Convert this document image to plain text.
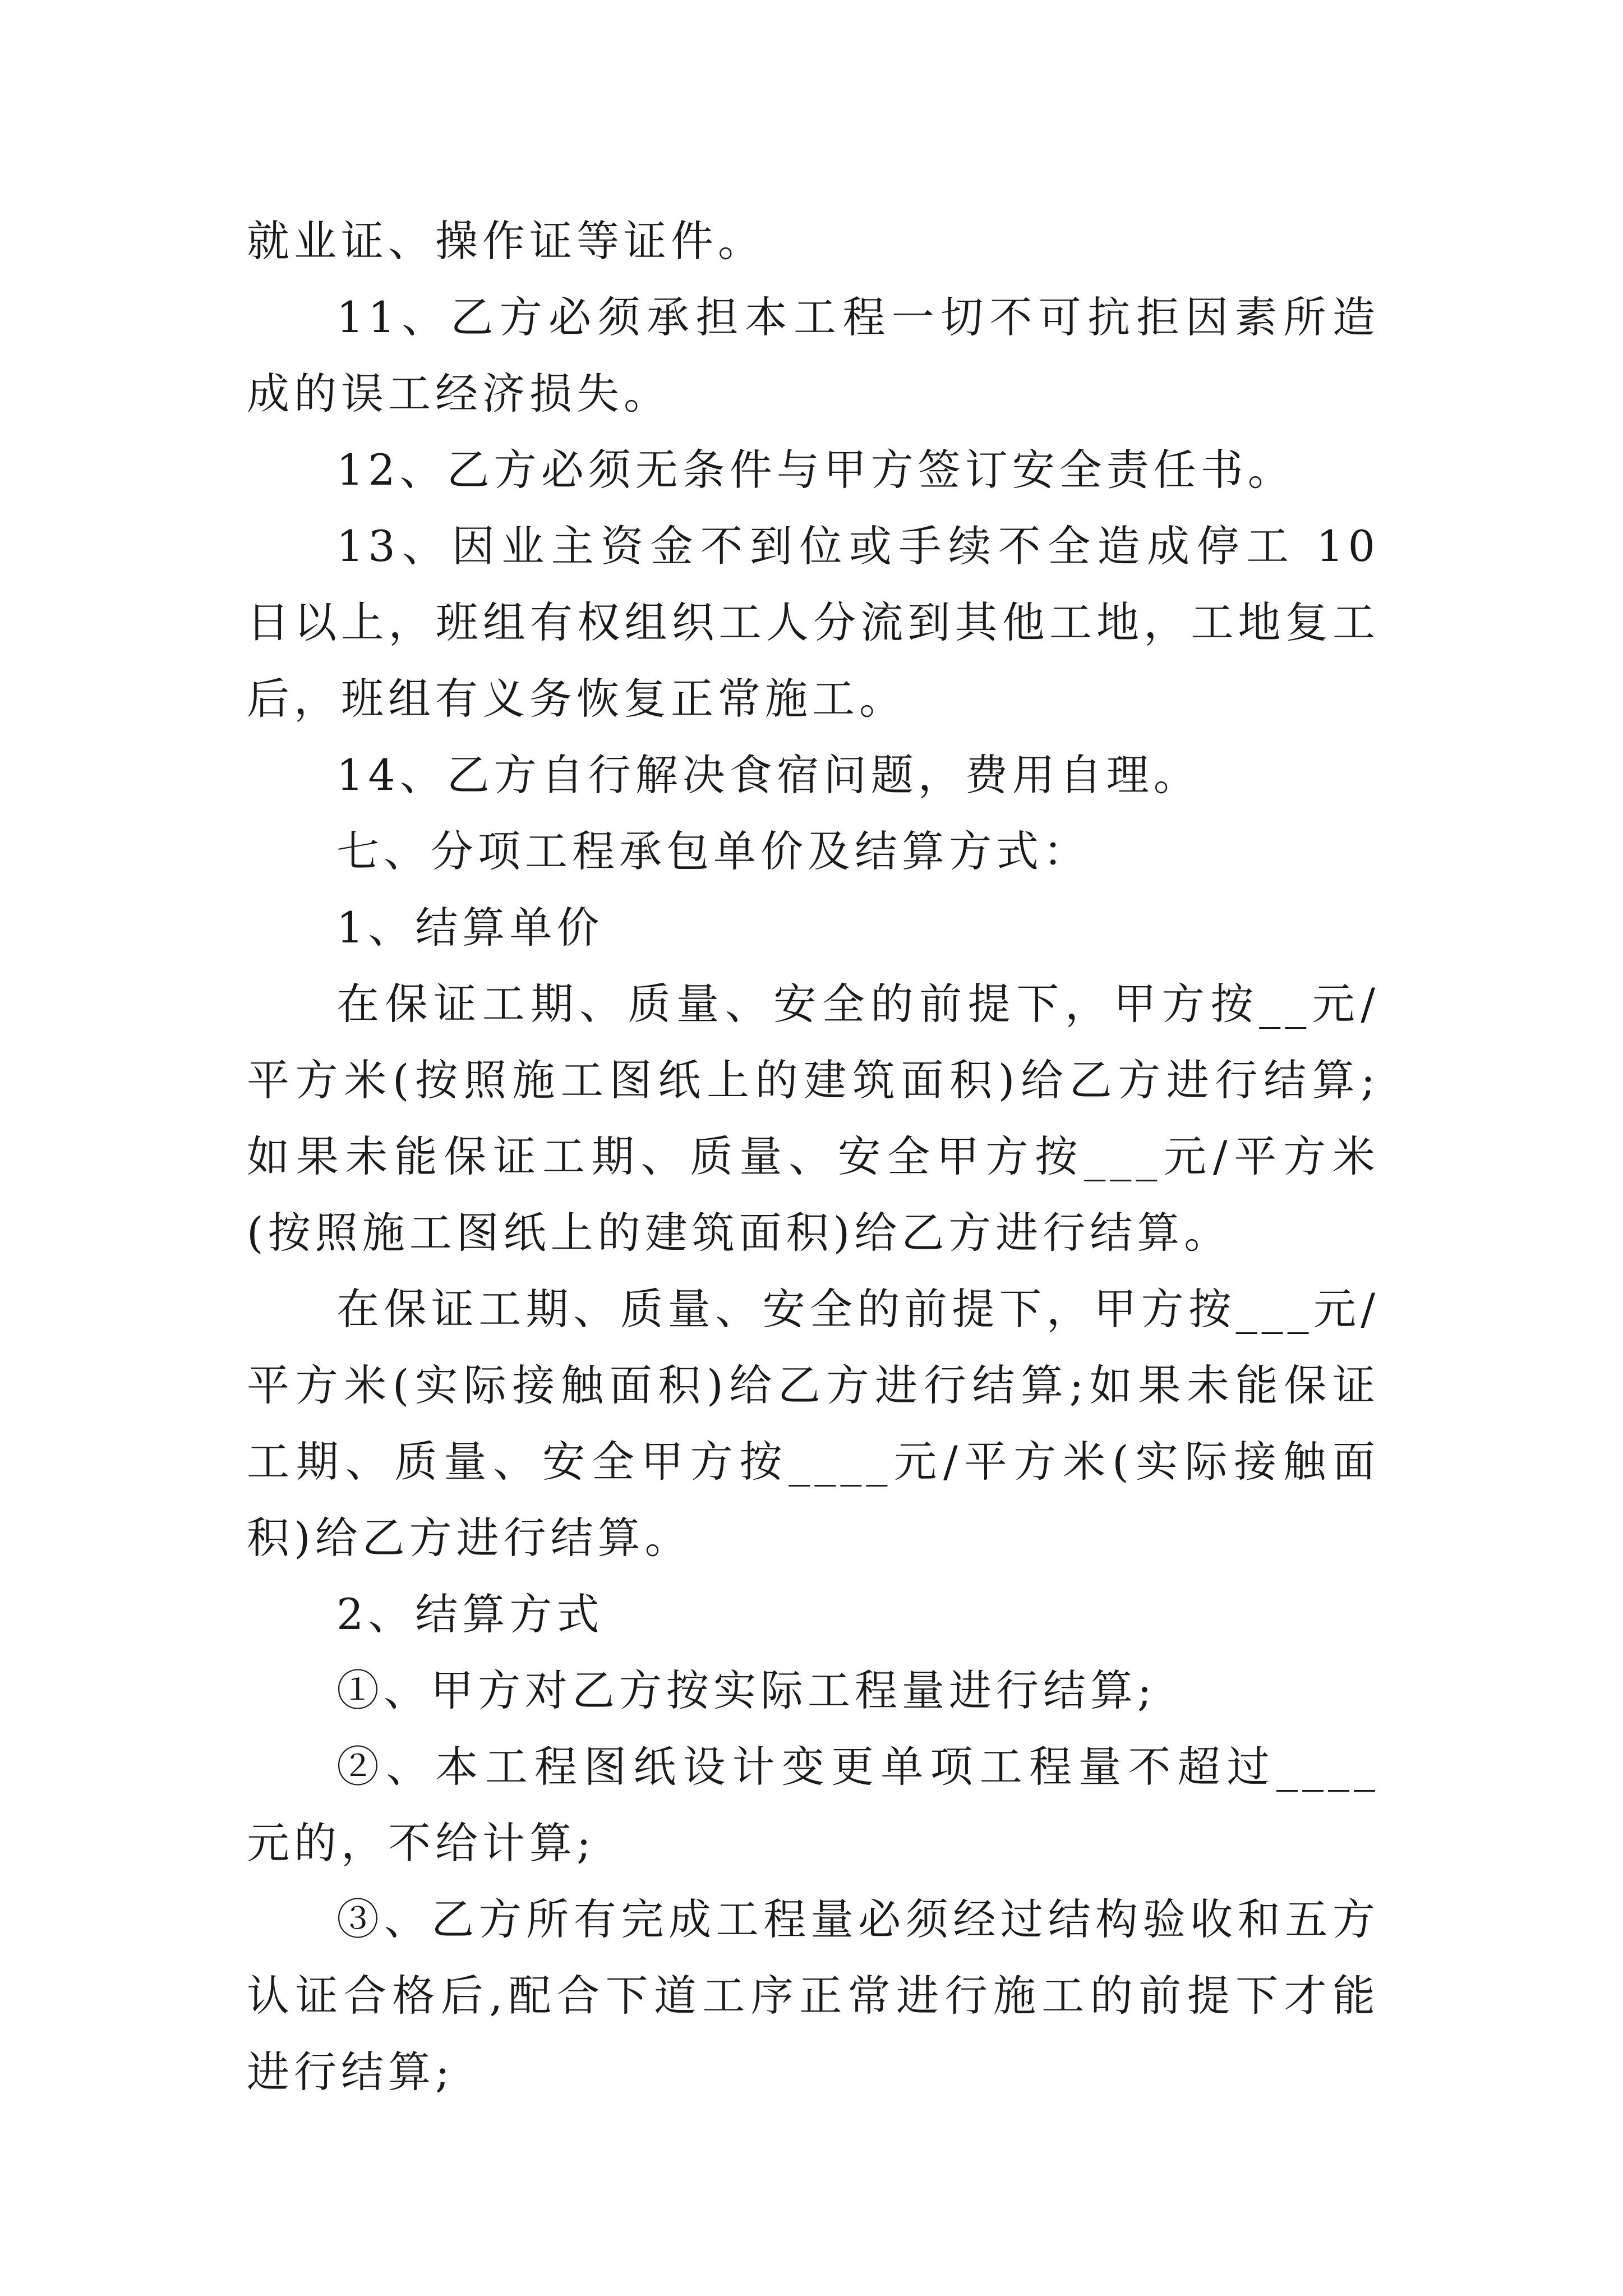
就业证、操作证等证件。

11、乙方必须承担本工程一切不可抗拒因素所造成的误工经济损失。

12、乙方必须无条件与甲方签订安全责任书。

13、因业主资金不到位或手续不全造成停工 10 日以上，班组有权组织工人分流到其他工地，工地复工后，班组有义务恢复正常施工。

14、乙方自行解决食宿问题，费用自理。

七、分项工程承包单价及结算方式：

1、结算单价

在保证工期、质量、安全的前提下，甲方按__元/平方米(按照施工图纸上的建筑面积)给乙方进行结算;如果未能保证工期、质量、安全甲方按___元/平方米(按照施工图纸上的建筑面积)给乙方进行结算。

在保证工期、质量、安全的前提下，甲方按___元/平方米(实际接触面积)给乙方进行结算;如果未能保证工期、质量、安全甲方按____元/平方米(实际接触面积)给乙方进行结算。

2、结算方式

①、甲方对乙方按实际工程量进行结算;

②、本工程图纸设计变更单项工程量不超过____元的，不给计算;

③、乙方所有完成工程量必须经过结构验收和五方认证合格后,配合下道工序正常进行施工的前提下才能进行结算;
